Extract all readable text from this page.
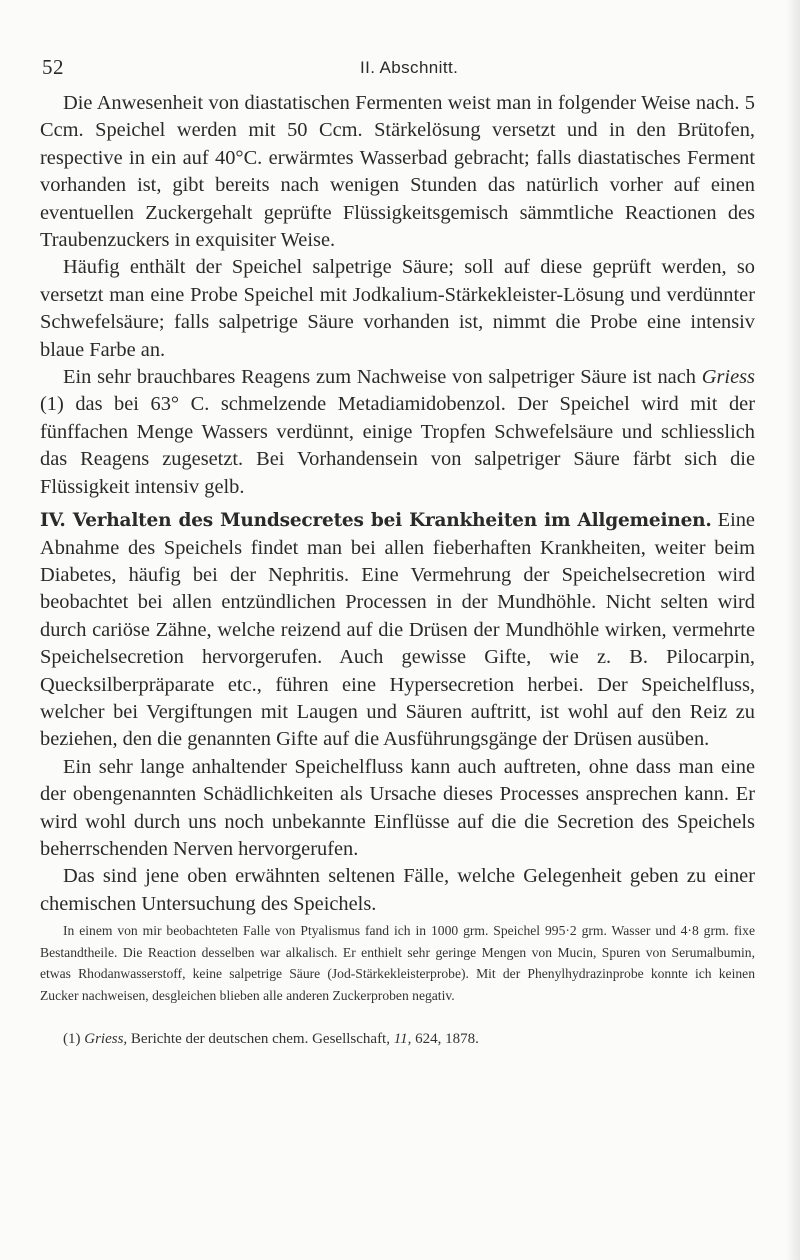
52	II. Abschnitt.

Die Anwesenheit von diastatischen Fermenten weist man in folgender Weise nach. 5 Ccm. Speichel werden mit 50 Ccm. Stärkelösung versetzt und in den Brütofen, respective in ein auf 40°C. erwärmtes Wasserbad gebracht; falls diastatisches Ferment vorhanden ist, gibt bereits nach wenigen Stunden das natürlich vorher auf einen eventuellen Zuckergehalt geprüfte Flüssigkeitsgemisch sämmtliche Reactionen des Traubenzuckers in exquisiter Weise.

Häufig enthält der Speichel salpetrige Säure; soll auf diese geprüft werden, so versetzt man eine Probe Speichel mit Jodkalium-Stärkekleister-Lösung und verdünnter Schwefelsäure; falls salpetrige Säure vorhanden ist, nimmt die Probe eine intensiv blaue Farbe an.

Ein sehr brauchbares Reagens zum Nachweise von salpetriger Säure ist nach Griess (1) das bei 63° C. schmelzende Metadiamidobenzol. Der Speichel wird mit der fünffachen Menge Wassers verdünnt, einige Tropfen Schwefelsäure und schliesslich das Reagens zugesetzt. Bei Vorhandensein von salpetriger Säure färbt sich die Flüssigkeit intensiv gelb.

IV. Verhalten des Mundsecretes bei Krankheiten im Allgemeinen. Eine Abnahme des Speichels findet man bei allen fieberhaften Krankheiten, weiter beim Diabetes, häufig bei der Nephritis. Eine Vermehrung der Speichelsecretion wird beobachtet bei allen entzündlichen Processen in der Mundhöhle. Nicht selten wird durch cariöse Zähne, welche reizend auf die Drüsen der Mundhöhle wirken, vermehrte Speichelsecretion hervorgerufen. Auch gewisse Gifte, wie z. B. Pilocarpin, Quecksilberpräparate etc., führen eine Hypersecretion herbei. Der Speichelfluss, welcher bei Vergiftungen mit Laugen und Säuren auftritt, ist wohl auf den Reiz zu beziehen, den die genannten Gifte auf die Ausführungsgänge der Drüsen ausüben.

Ein sehr lange anhaltender Speichelfluss kann auch auftreten, ohne dass man eine der obengenannten Schädlichkeiten als Ursache dieses Processes ansprechen kann. Er wird wohl durch uns noch unbekannte Einflüsse auf die die Secretion des Speichels beherrschenden Nerven hervorgerufen.

Das sind jene oben erwähnten seltenen Fälle, welche Gelegenheit geben zu einer chemischen Untersuchung des Speichels.

In einem von mir beobachteten Falle von Ptyalismus fand ich in 1000 grm. Speichel 995·2 grm. Wasser und 4·8 grm. fixe Bestandtheile. Die Reaction desselben war alkalisch. Er enthielt sehr geringe Mengen von Mucin, Spuren von Serumalbumin, etwas Rhodanwasserstoff, keine salpetrige Säure (Jod-Stärkekleisterprobe). Mit der Phenylhydrazinprobe konnte ich keinen Zucker nachweisen, desgleichen blieben alle anderen Zuckerproben negativ.

(1) Griess, Berichte der deutschen chem. Gesellschaft, 11, 624, 1878.
